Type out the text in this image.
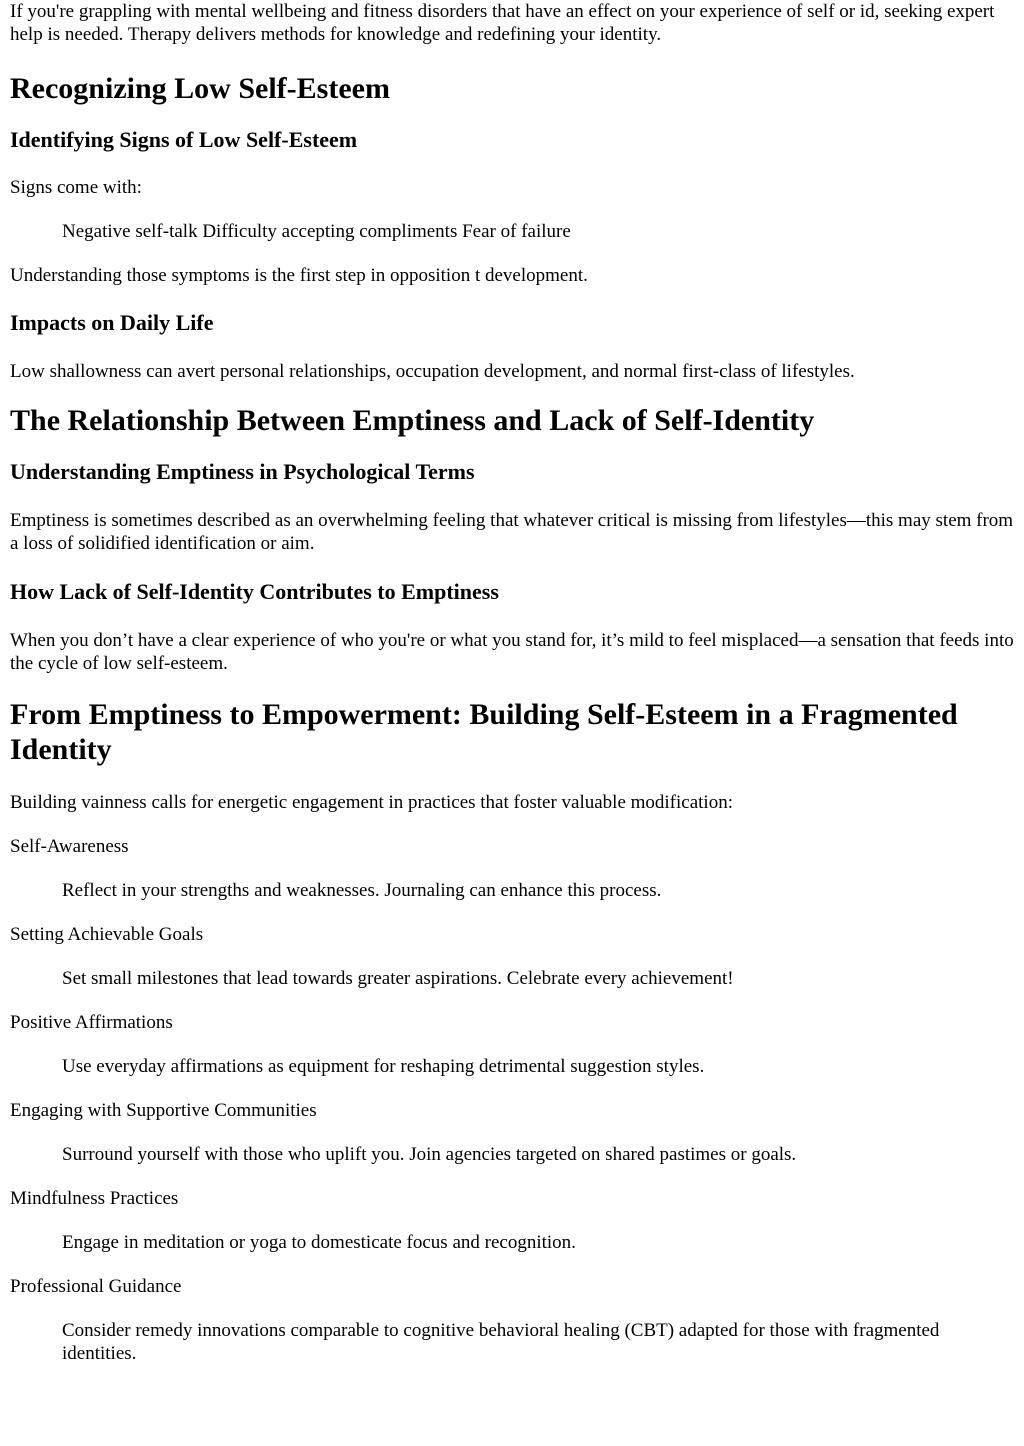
If you're grappling with mental wellbeing and fitness disorders that have an effect on your experience of self or id, seeking expert help is needed. Therapy delivers methods for knowledge and redefining your identity.

Recognizing Low Self-Esteem
Identifying Signs of Low Self-Esteem

Signs come with:

Negative self-talk Difficulty accepting compliments Fear of failure

Understanding those symptoms is the first step in opposition t development.

Impacts on Daily Life

Low shallowness can avert personal relationships, occupation development, and normal first-class of lifestyles.

The Relationship Between Emptiness and Lack of Self-Identity
Understanding Emptiness in Psychological Terms

Emptiness is sometimes described as an overwhelming feeling that whatever critical is missing from lifestyles—this may stem from a loss of solidified identification or aim.

How Lack of Self-Identity Contributes to Emptiness

When you don’t have a clear experience of who you're or what you stand for, it’s mild to feel misplaced—a sensation that feeds into the cycle of low self-esteem.

From Emptiness to Empowerment: Building Self-Esteem in a Fragmented Identity

Building vainness calls for energetic engagement in practices that foster valuable modification:

Self-Awareness

Reflect in your strengths and weaknesses. Journaling can enhance this process.

Setting Achievable Goals

Set small milestones that lead towards greater aspirations. Celebrate every achievement!

Positive Affirmations

Use everyday affirmations as equipment for reshaping detrimental suggestion styles.

Engaging with Supportive Communities

Surround yourself with those who uplift you. Join agencies targeted on shared pastimes or goals.

Mindfulness Practices

Engage in meditation or yoga to domesticate focus and recognition.

Professional Guidance

Consider remedy innovations comparable to cognitive behavioral healing (CBT) adapted for those with fragmented identities.
